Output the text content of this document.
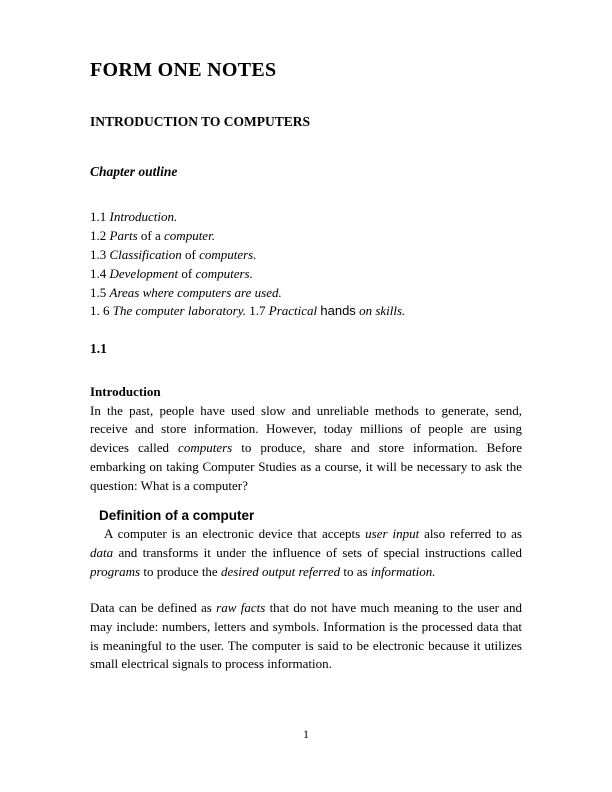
FORM ONE NOTES
INTRODUCTION TO COMPUTERS
Chapter outline
1.1 Introduction.
1.2 Parts of a computer.
1.3 Classification of computers.
1.4 Development of computers.
1.5 Areas where computers are used.
1. 6 The computer laboratory. 1.7 Practical hands on skills.
1.1
Introduction

In the past, people have used slow and unreliable methods to generate, send, receive and store information. However, today millions of people are using devices called computers to produce, share and store information. Before embarking on taking Computer Studies as a course, it will be necessary to ask the question: What is a computer?

Definition of a computer

A computer is an electronic device that accepts user input also referred to as data and transforms it under the influence of sets of special instructions called programs to produce the desired output referred to as information.

Data can be defined as raw facts that do not have much meaning to the user and may include: numbers, letters and symbols. Information is the processed data that is meaningful to the user. The computer is said to be electronic because it utilizes small electrical signals to process information.

1
